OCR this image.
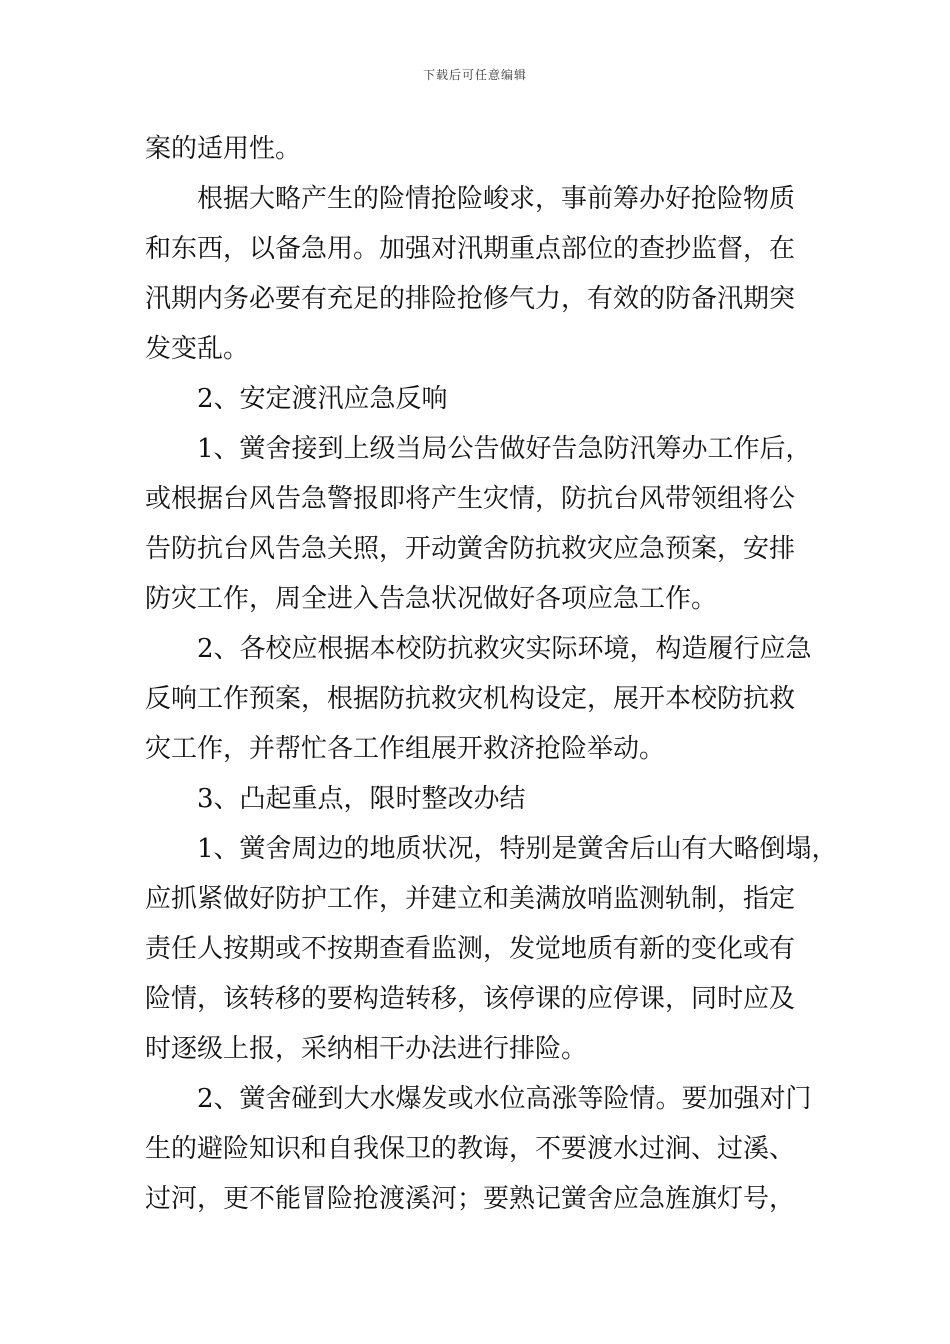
下载后可任意编辑
案的适用性。
根据大略产生的险情抢险峻求，事前筹办好抢险物质
和东西，以备急用。加强对汛期重点部位的查抄监督，在
汛期内务必要有充足的排险抢修气力，有效的防备汛期突
发变乱。
2、安定渡汛应急反响
1、黉舍接到上级当局公告做好告急防汛筹办工作后，
或根据台风告急警报即将产生灾情，防抗台风带领组将公
告防抗台风告急关照，开动黉舍防抗救灾应急预案，安排
防灾工作，周全进入告急状况做好各项应急工作。
2、各校应根据本校防抗救灾实际环境，构造履行应急
反响工作预案，根据防抗救灾机构设定，展开本校防抗救
灾工作，并帮忙各工作组展开救济抢险举动。
3、凸起重点，限时整改办结
1、黉舍周边的地质状况，特别是黉舍后山有大略倒塌，
应抓紧做好防护工作，并建立和美满放哨监测轨制，指定
责任人按期或不按期查看监测，发觉地质有新的变化或有
险情，该转移的要构造转移，该停课的应停课，同时应及
时逐级上报，采纳相干办法进行排险。
2、黉舍碰到大水爆发或水位高涨等险情。要加强对门
生的避险知识和自我保卫的教诲，不要渡水过涧、过溪、
过河，更不能冒险抢渡溪河；要熟记黉舍应急旌旗灯号，
